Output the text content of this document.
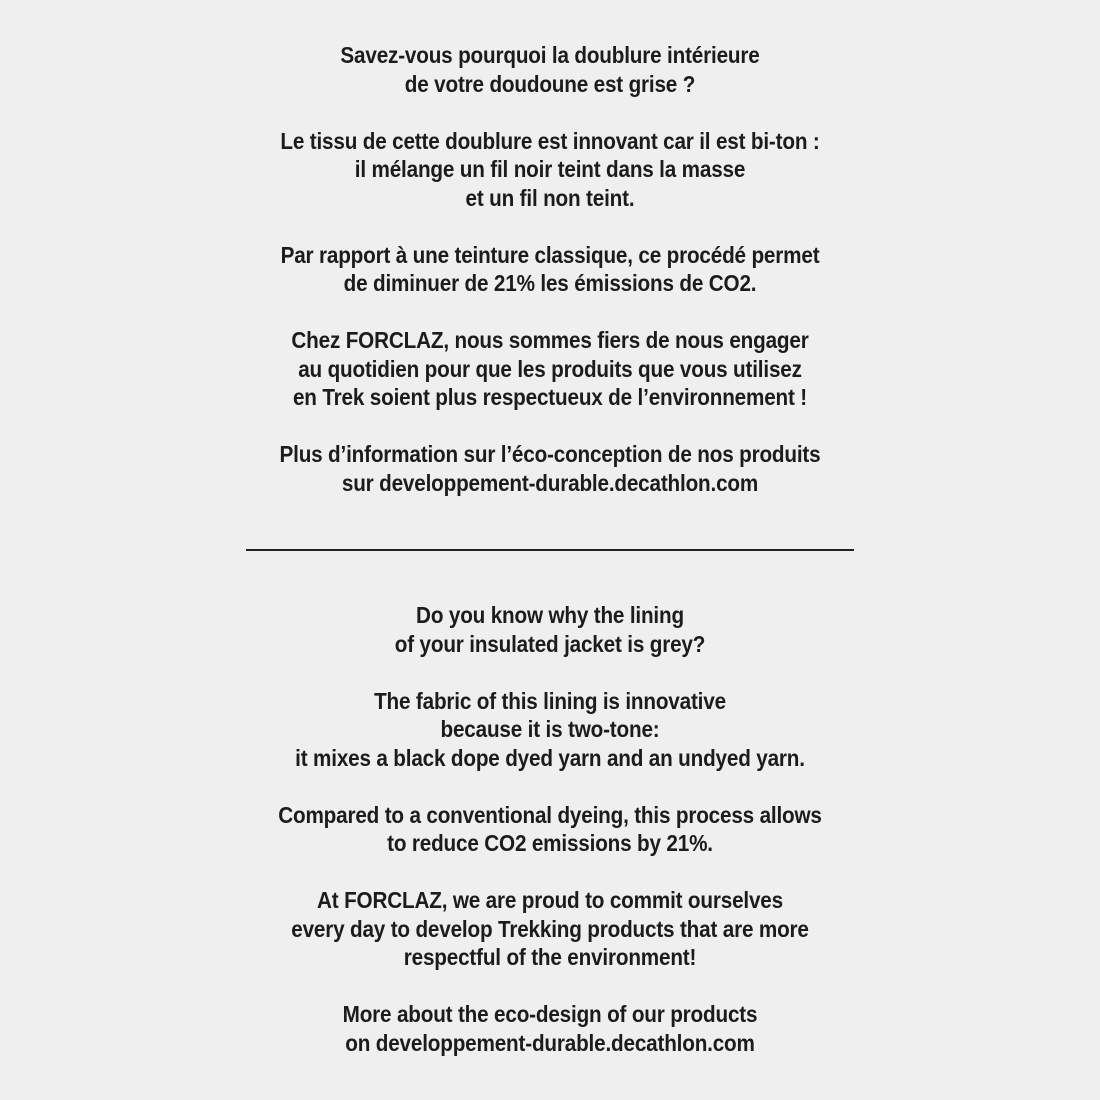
Savez-vous pourquoi la doublure intérieure
de votre doudoune est grise ?

Le tissu de cette doublure est innovant car il est bi-ton :
il mélange un fil noir teint dans la masse
et un fil non teint.

Par rapport à une teinture classique, ce procédé permet
de diminuer de 21% les émissions de CO2.

Chez FORCLAZ, nous sommes fiers de nous engager
au quotidien pour que les produits que vous utilisez
en Trek soient plus respectueux de l’environnement !

Plus d’information sur l’éco-conception de nos produits
sur developpement-durable.decathlon.com

Do you know why the lining
of your insulated jacket is grey?

The fabric of this lining is innovative
because it is two-tone:
it mixes a black dope dyed yarn and an undyed yarn.

Compared to a conventional dyeing, this process allows
to reduce CO2 emissions by 21%.

At FORCLAZ, we are proud to commit ourselves
every day to develop Trekking products that are more
respectful of the environment!

More about the eco-design of our products
on developpement-durable.decathlon.com
